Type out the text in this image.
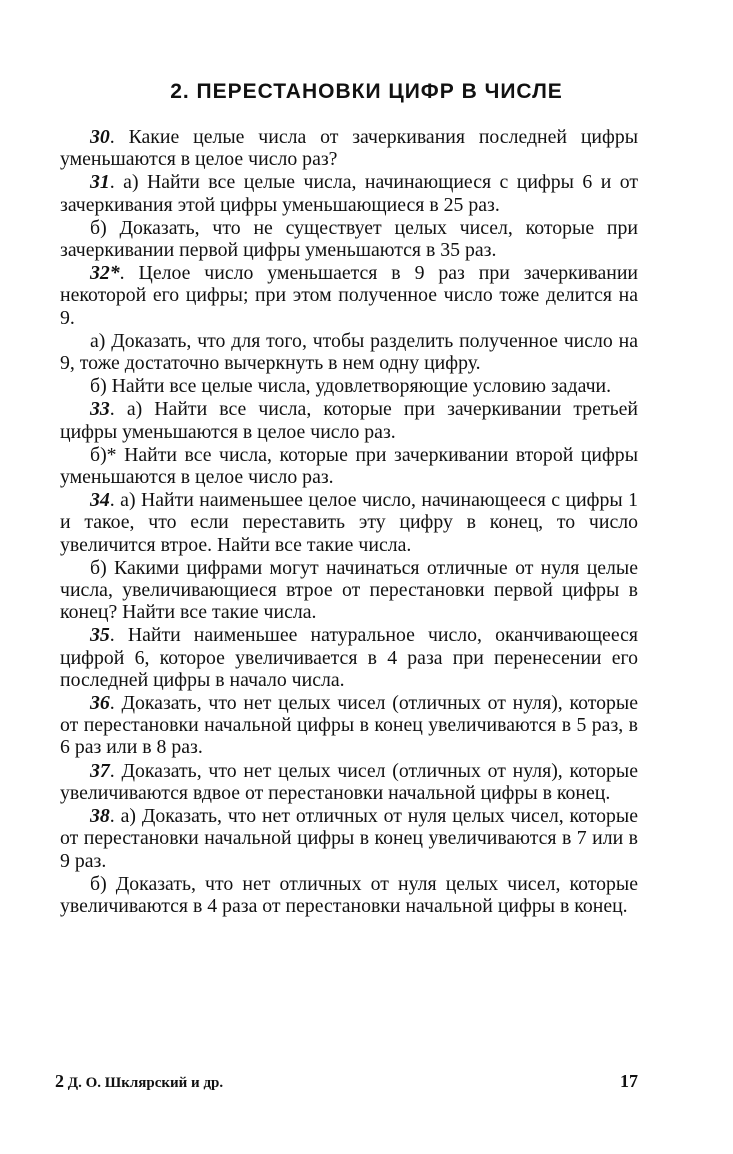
2. ПЕРЕСТАНОВКИ ЦИФР В ЧИСЛЕ

30. Какие целые числа от зачеркивания последней цифры уменьшаются в целое число раз?

31. а) Найти все целые числа, начинающиеся с цифры 6 и от зачеркивания этой цифры уменьшающиеся в 25 раз.

б) Доказать, что не существует целых чисел, которые при зачеркивании первой цифры уменьшаются в 35 раз.

32*. Целое число уменьшается в 9 раз при зачеркивании некоторой его цифры; при этом полученное число тоже делится на 9.

а) Доказать, что для того, чтобы разделить полученное число на 9, тоже достаточно вычеркнуть в нем одну цифру.

б) Найти все целые числа, удовлетворяющие условию задачи.

33. а) Найти все числа, которые при зачеркивании третьей цифры уменьшаются в целое число раз.

б)* Найти все числа, которые при зачеркивании второй цифры уменьшаются в целое число раз.

34. а) Найти наименьшее целое число, начинающееся с цифры 1 и такое, что если переставить эту цифру в конец, то число увеличится втрое. Найти все такие числа.

б) Какими цифрами могут начинаться отличные от нуля целые числа, увеличивающиеся втрое от перестановки первой цифры в конец? Найти все такие числа.

35. Найти наименьшее натуральное число, оканчивающееся цифрой 6, которое увеличивается в 4 раза при перенесении его последней цифры в начало числа.

36. Доказать, что нет целых чисел (отличных от нуля), которые от перестановки начальной цифры в конец увеличиваются в 5 раз, в 6 раз или в 8 раз.

37. Доказать, что нет целых чисел (отличных от нуля), которые увеличиваются вдвое от перестановки начальной цифры в конец.

38. а) Доказать, что нет отличных от нуля целых чисел, которые от перестановки начальной цифры в конец увеличиваются в 7 или в 9 раз.

б) Доказать, что нет отличных от нуля целых чисел, которые увеличиваются в 4 раза от перестановки начальной цифры в конец.

2 Д. О. Шклярский и др.	17
